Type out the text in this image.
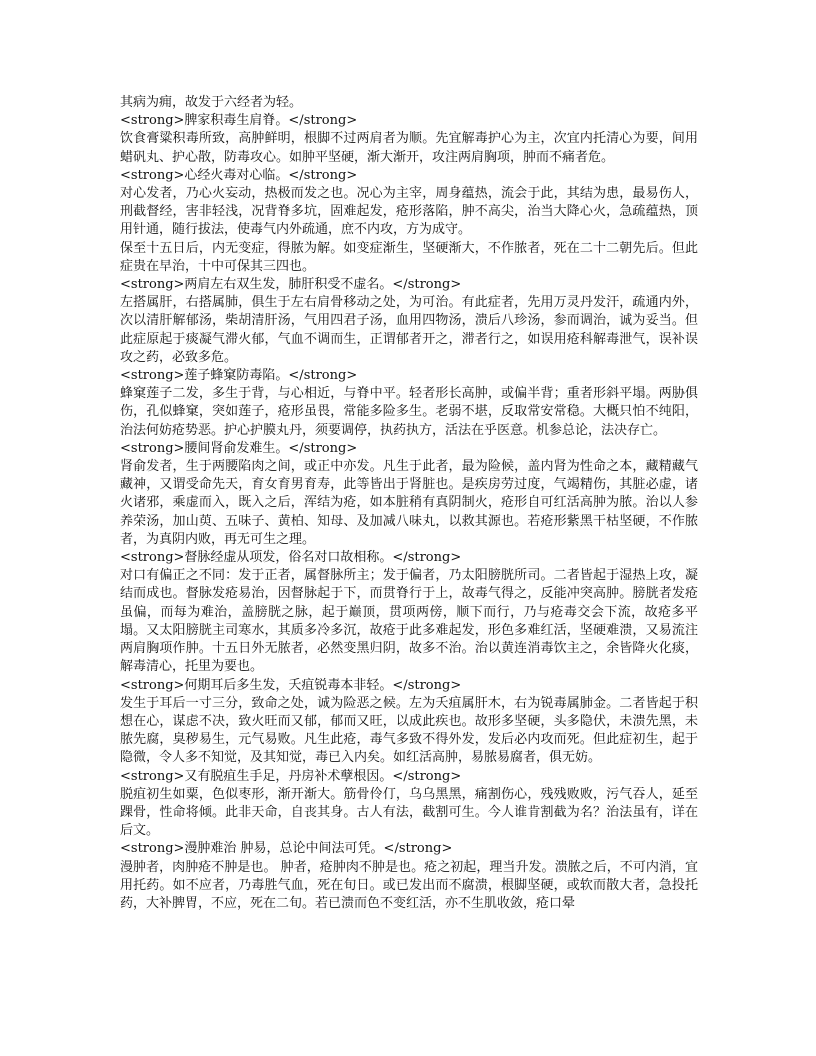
其病为痈，故发于六经者为轻。

<strong>脾家积毒生肩脊。</strong>

饮食膏粱积毒所致，高肿鲜明，根脚不过两肩者为顺。先宜解毒护心为主，次宜内托清心为要，间用蜡矾丸、护心散，防毒攻心。如肿平坚硬，渐大渐开，攻注两肩胸项，肿而不痛者危。

<strong>心经火毒对心临。</strong>

对心发者，乃心火妄动，热极而发之也。况心为主宰，周身蕴热，流会于此，其结为患，最易伤人，刑截督经，害非轻浅，况背脊多坑，固难起发，疮形落陷，肿不高尖，治当大降心火，急疏蕴热，顶用针通，随行拔法，使毒气内外疏通，庶不内攻，方为成守。

保至十五日后，内无变症，得脓为解。如变症渐生，坚硬渐大，不作脓者，死在二十二朝先后。但此症贵在早治，十中可保其三四也。

<strong>两肩左右双生发，肺肝积受不虚名。</strong>

左搭属肝，右搭属肺，俱生于左右肩骨移动之处，为可治。有此症者，先用万灵丹发汗，疏通内外，次以清肝解郁汤，柴胡清肝汤，气用四君子汤，血用四物汤，溃后八珍汤，参而调治，诚为妥当。但此症原起于痰凝气滞火郁，气血不调而生，正谓郁者开之，滞者行之，如误用疮科解毒泄气，误补误攻之药，必致多危。

<strong>莲子蜂窠防毒陷。</strong>

蜂窠莲子二发，多生于背，与心相近，与脊中平。轻者形长高肿，或偏半背；重者形斜平塌。两胁俱伤，孔似蜂窠，突如莲子，疮形虽畏，常能多险多生。老弱不堪，反取常安常稳。大概只怕不纯阳，治法何妨疮势恶。护心护膜丸丹，须要调停，执药执方，活法在乎医意。机参总论，法决存亡。

<strong>腰间肾俞发难生。</strong>

肾俞发者，生于两腰陷肉之间，或正中亦发。凡生于此者，最为险候，盖内肾为性命之本，藏精藏气藏神，又谓受命先天，育女育男育寿，此等皆出于肾脏也。是疾房劳过度，气竭精伤，其脏必虚，诸火诸邪，乘虚而入，既入之后，浑结为疮，如本脏稍有真阴制火，疮形自可红活高肿为脓。治以人参养荣汤，加山萸、五味子、黄柏、知母、及加减八味丸，以救其源也。若疮形紫黑干枯坚硬，不作脓者，为真阴内败，再无可生之理。

<strong>督脉经虚从项发，俗名对口故相称。</strong>

对口有偏正之不同：发于正者，属督脉所主；发于偏者，乃太阳膀胱所司。二者皆起于湿热上攻，凝结而成也。督脉发疮易治，因督脉起于下，而贯脊行于上，故毒气得之，反能冲突高肿。膀胱者发疮虽偏，而每为难治，盖膀胱之脉，起于巅顶，贯项两傍，顺下而行，乃与疮毒交会下流，故疮多平塌。又太阳膀胱主司寒水，其质多冷多沉，故疮于此多难起发，形色多难红活，坚硬难溃，又易流注两肩胸项作肿。十五日外无脓者，必然变黑归阴，故多不治。治以黄连消毒饮主之，余皆降火化痰，解毒清心，托里为要也。

<strong>何期耳后多生发，夭疽锐毒本非轻。</strong>

发生于耳后一寸三分，致命之处，诚为险恶之候。左为夭疽属肝木，右为锐毒属肺金。二者皆起于积想在心，谋虑不决，致火旺而又郁，郁而又旺，以成此疾也。故形多坚硬，头多隐伏，未溃先黑，未脓先腐，臭秽易生，元气易败。凡生此疮，毒气多致不得外发，发后必内攻而死。但此症初生，起于隐微，令人多不知觉，及其知觉，毒已入内矣。如红活高肿，易脓易腐者，俱无妨。

<strong>又有脱疽生手足，丹房补术孽根因。</strong>

脱疽初生如粟，色似枣形，渐开渐大。筋骨伶仃，乌乌黑黑，痛割伤心，残残败败，污气吞人，延至踝骨，性命将倾。此非天命，自丧其身。古人有法，截割可生。今人谁肯割截为名？治法虽有，详在后文。

<strong>漫肿难治 肿易，总论中间法可凭。</strong>

漫肿者，肉肿疮不肿是也。 肿者，疮肿肉不肿是也。疮之初起，理当升发。溃脓之后，不可内消，宜用托药。如不应者，乃毒胜气血，死在旬日。或已发出而不腐溃，根脚坚硬，或软而散大者，急投托药，大补脾胃，不应，死在二旬。若已溃而色不变红活，亦不生肌收敛，疮口晕
